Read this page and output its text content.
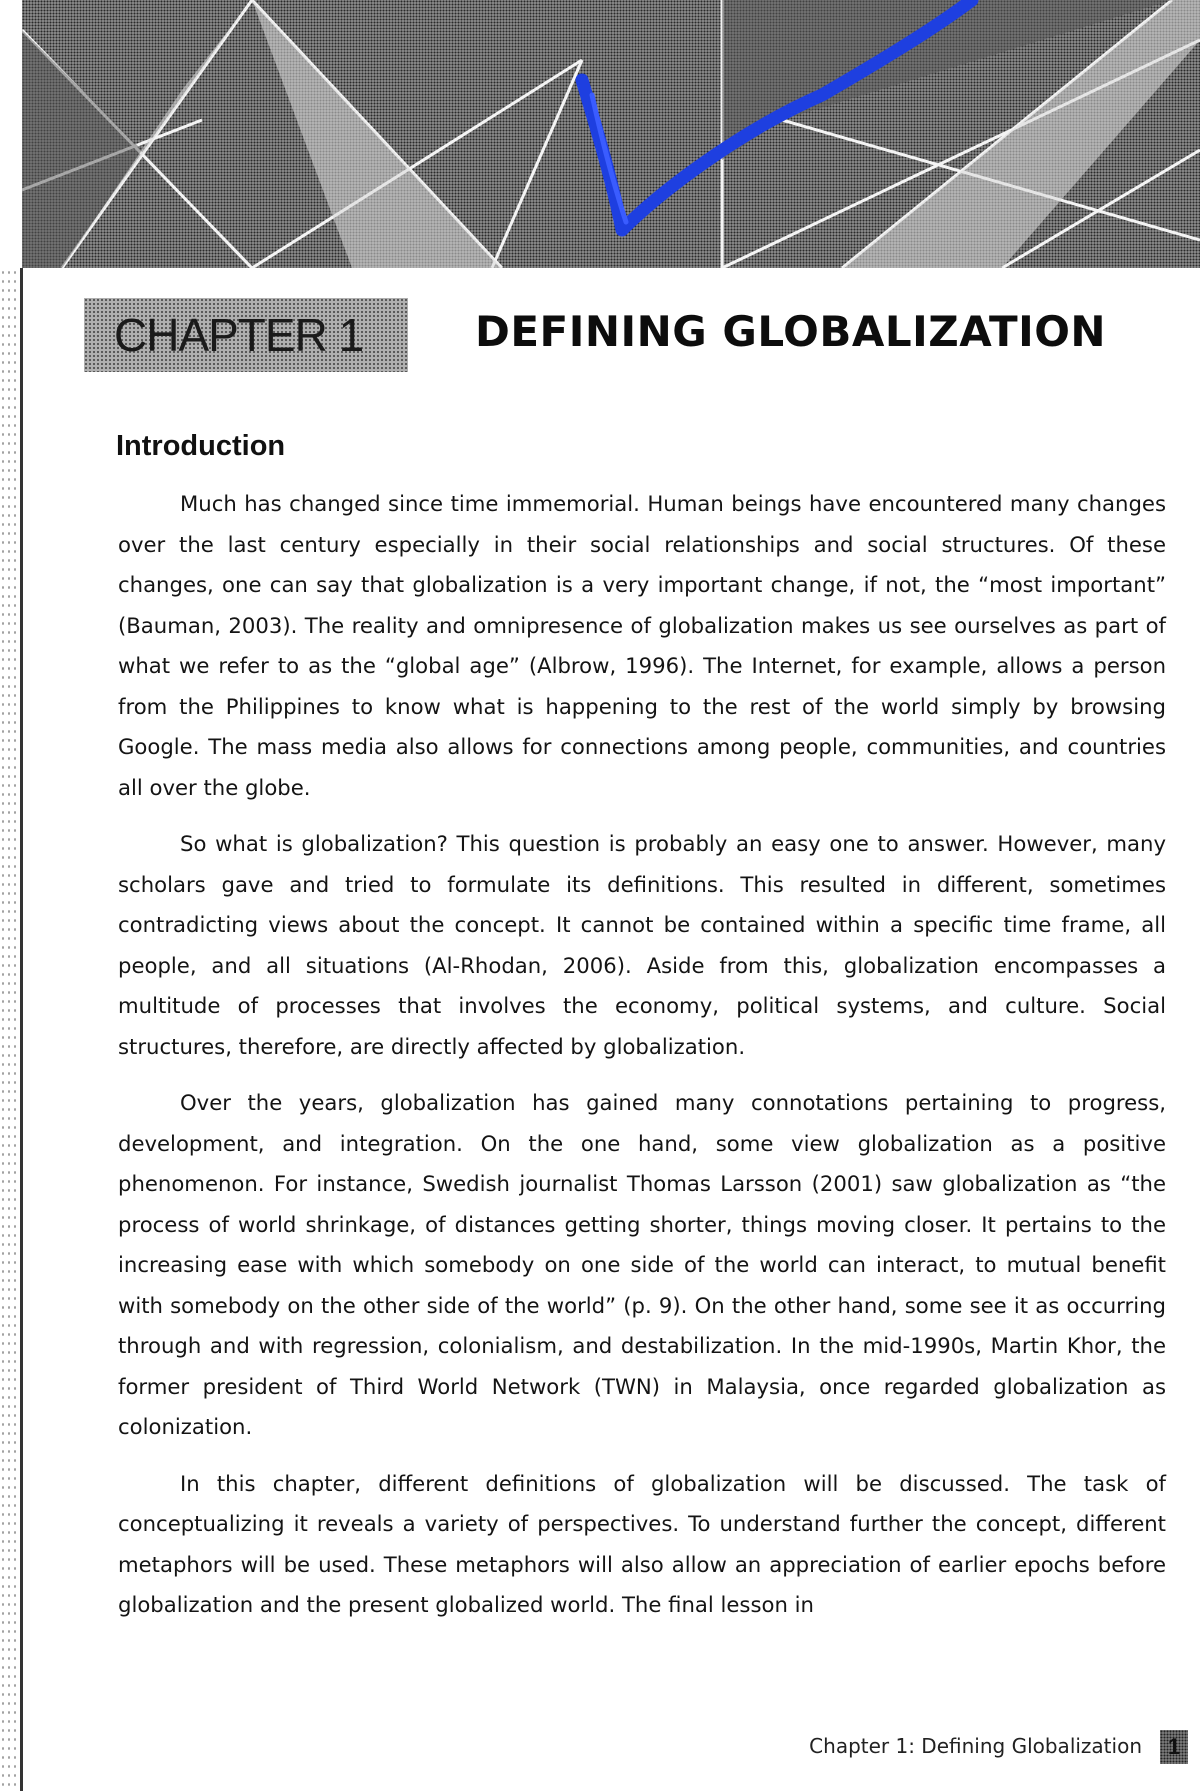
CHAPTER 1	DEFINING GLOBALIZATION
Introduction

Much has changed since time immemorial. Human beings have encountered many changes over the last century especially in their social relationships and social structures. Of these changes, one can say that globalization is a very important change, if not, the “most important” (Bauman, 2003). The reality and omnipresence of globalization makes us see ourselves as part of what we refer to as the “global age” (Albrow, 1996). The Internet, for example, allows a person from the Philippines to know what is happening to the rest of the world simply by browsing Google. The mass media also allows for connections among people, communities, and countries all over the globe.

So what is globalization? This question is probably an easy one to answer. However, many scholars gave and tried to formulate its definitions. This resulted in different, sometimes contradicting views about the concept. It cannot be contained within a specific time frame, all people, and all situations (Al-Rhodan, 2006). Aside from this, globalization encompasses a multitude of processes that involves the economy, political systems, and culture. Social structures, therefore, are directly affected by globalization.

Over the years, globalization has gained many connotations pertaining to progress, development, and integration. On the one hand, some view globalization as a positive phenomenon. For instance, Swedish journalist Thomas Larsson (2001) saw globalization as “the process of world shrinkage, of distances getting shorter, things moving closer. It pertains to the increasing ease with which somebody on one side of the world can interact, to mutual benefit with somebody on the other side of the world” (p. 9). On the other hand, some see it as occurring through and with regression, colonialism, and destabilization. In the mid-1990s, Martin Khor, the former president of Third World Network (TWN) in Malaysia, once regarded globalization as colonization.

In this chapter, different definitions of globalization will be discussed. The task of conceptualizing it reveals a variety of perspectives. To understand further the concept, different metaphors will be used. These metaphors will also allow an appreciation of earlier epochs before globalization and the present globalized world. The final lesson in

Chapter 1: Defining Globalization	1
